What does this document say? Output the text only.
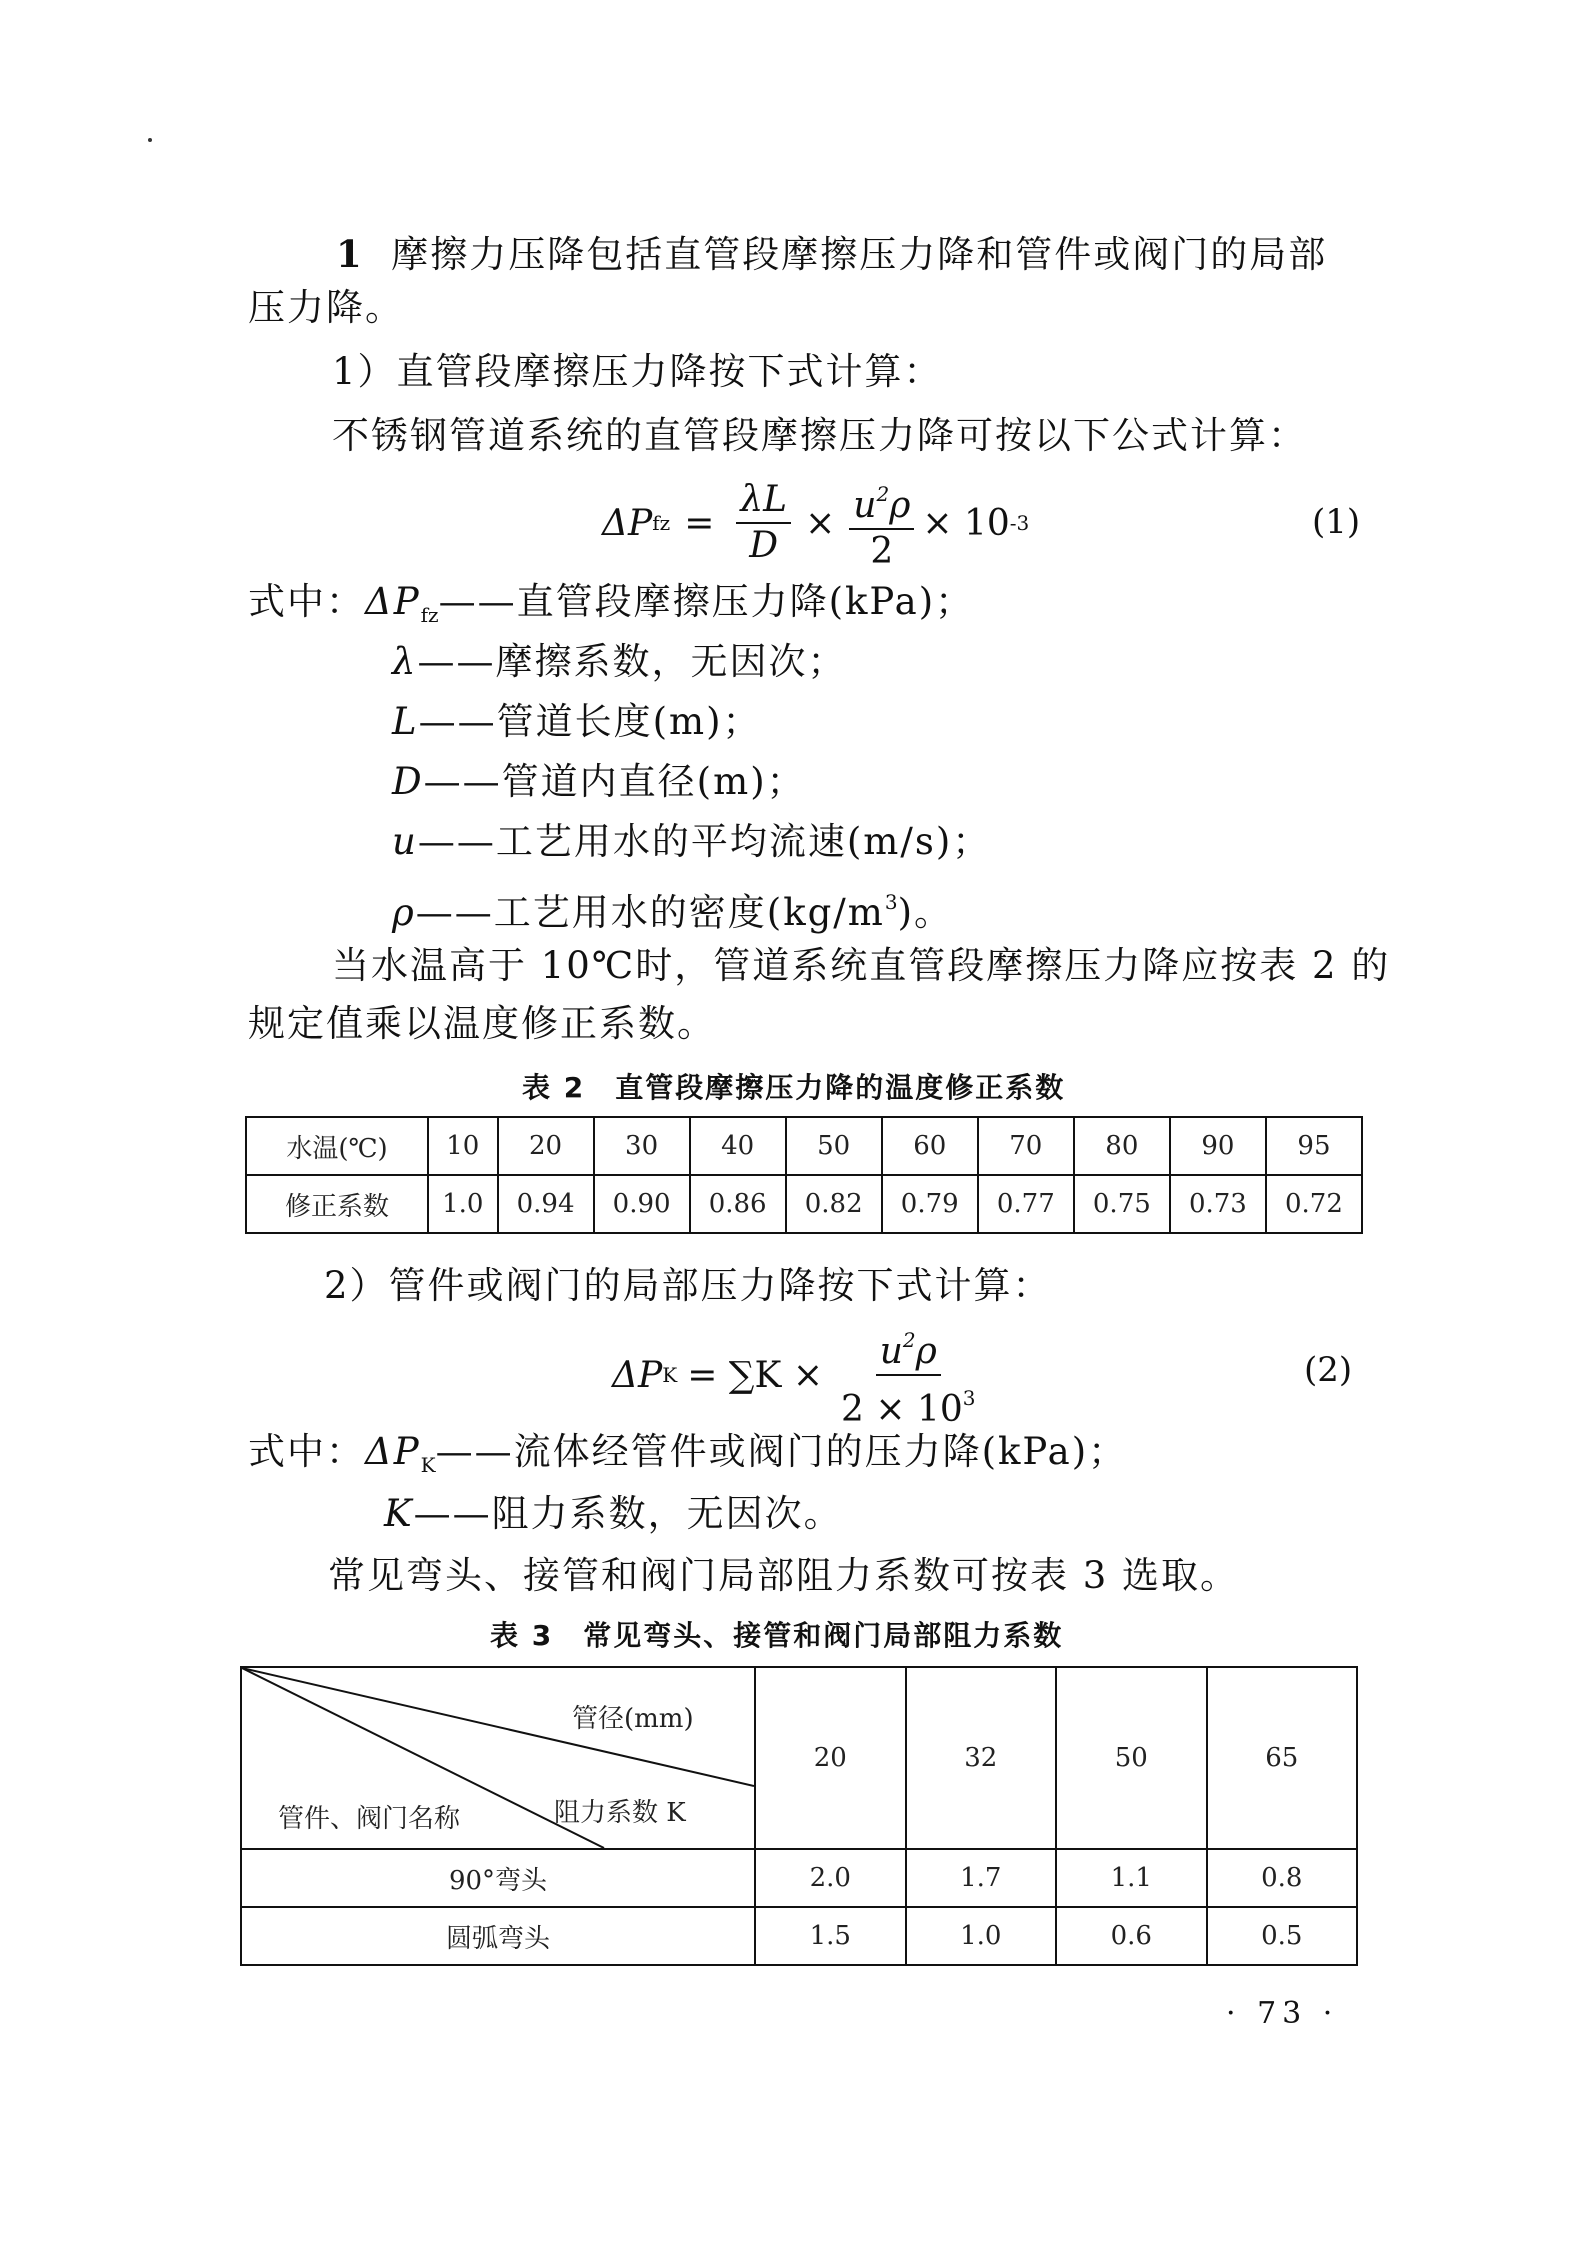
1 摩擦力压降包括直管段摩擦压力降和管件或阀门的局部
压力降。
1）直管段摩擦压力降按下式计算：
不锈钢管道系统的直管段摩擦压力降可按以下公式计算：
ΔP fz = $\frac{\lambda L}{D} \times \frac{u^2\rho}{2} \times 10$ -3	(1)
式中：$\Delta P_{fz}——$直管段摩擦压力降(kPa)；
λ——摩擦系数，无因次；
L——管道长度(m)；
D——管道内直径(m)；
u——工艺用水的平均流速(m/s)；
ρ——工艺用水的密度$(kg/m^3)$。
当水温高于 10℃时，管道系统直管段摩擦压力降应按表 2 的
规定值乘以温度修正系数。
表 2　直管段摩擦压力降的温度修正系数
水温(℃)	10	20	30	40	50	60	70	80	90	95
修正系数	1.0	0.94	0.90	0.86	0.82	0.79	0.77	0.75	0.73	0.72
2）管件或阀门的局部压力降按下式计算：
ΔP $K = \sum K \times \frac{u^2\rho}{2 \times 10^3}$	(2)
式中：$\Delta P_K——$流体经管件或阀门的压力降(kPa)；
K——阻力系数，无因次。
常见弯头、接管和阀门局部阻力系数可按表 3 选取。
表 3　常见弯头、接管和阀门局部阻力系数
管径(mm)
阻力系数 K
管件、阀门名称	20	32	50	65
90°弯头	2.0	1.7	1.1	0.8
圆弧弯头	1.5	1.0	0.6	0.5
· 73 ·
